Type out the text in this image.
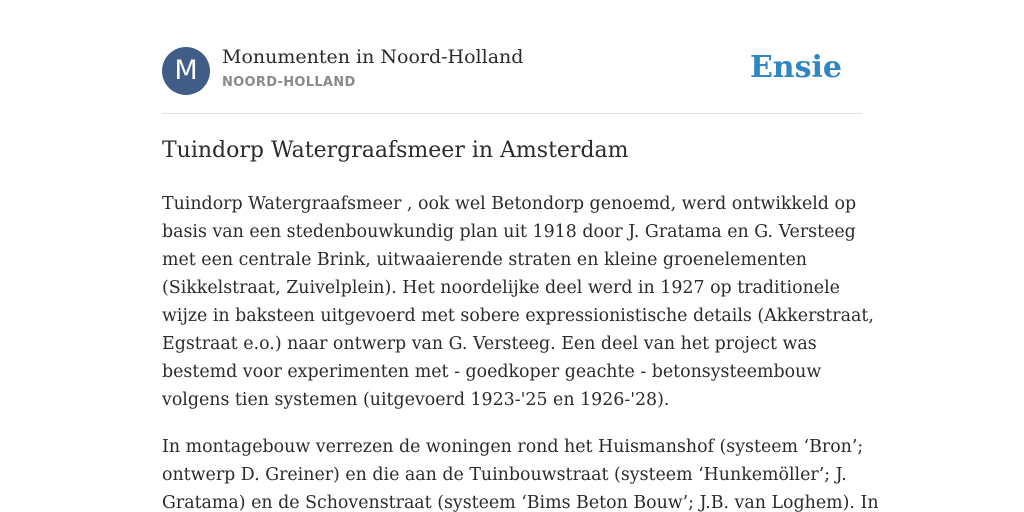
M	Monumenten in Noord-Holland
NOORD-HOLLAND	Ensie
Tuindorp Watergraafsmeer in Amsterdam

Tuindorp Watergraafsmeer , ook wel Betondorp genoemd, werd ontwikkeld op
basis van een stedenbouwkundig plan uit 1918 door J. Gratama en G. Versteeg
met een centrale Brink, uitwaaierende straten en kleine groenelementen
(Sikkelstraat, Zuivelplein). Het noordelijke deel werd in 1927 op traditionele
wijze in baksteen uitgevoerd met sobere expressionistische details (Akkerstraat,
Egstraat e.o.) naar ontwerp van G. Versteeg. Een deel van het project was
bestemd voor experimenten met - goedkoper geachte - betonsysteembouw
volgens tien systemen (uitgevoerd 1923-'25 en 1926-'28).

In montagebouw verrezen de woningen rond het Huismanshof (systeem ‘Bron’;
ontwerp D. Greiner) en die aan de Tuinbouwstraat (systeem ‘Hunkemöller’; J.
Gratama) en de Schovenstraat (systeem ‘Bims Beton Bouw’; J.B. van Loghem). In
